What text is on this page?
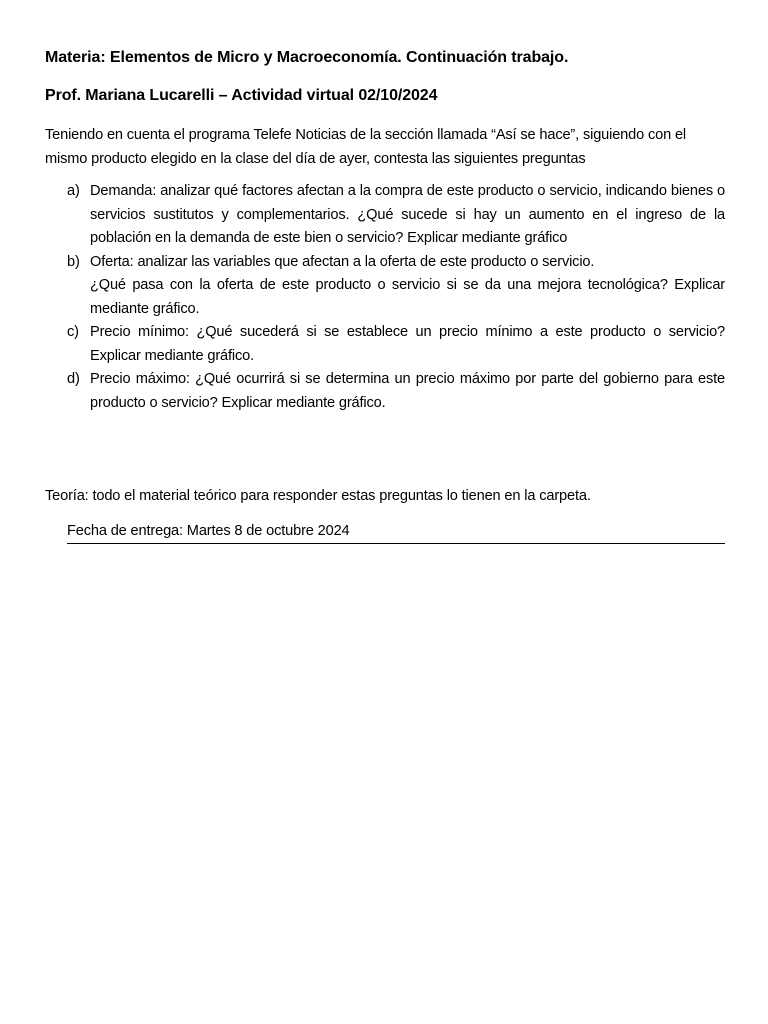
Materia: Elementos de Micro y Macroeconomía. Continuación trabajo.
Prof. Mariana Lucarelli – Actividad virtual 02/10/2024
Teniendo en cuenta el programa Telefe Noticias de la sección llamada “Así se hace”, siguiendo con el mismo producto elegido en la clase del día de ayer, contesta las siguientes preguntas
a) Demanda: analizar qué factores afectan a la compra de este producto o servicio, indicando bienes o servicios sustitutos y complementarios. ¿Qué sucede si hay un aumento en el ingreso de la población en la demanda de este bien o servicio? Explicar mediante gráfico
b) Oferta: analizar las variables que afectan a la oferta de este producto o servicio.
¿Qué pasa con la oferta de este producto o servicio si se da una mejora tecnológica? Explicar mediante gráfico.
c) Precio mínimo: ¿Qué sucederá si se establece un precio mínimo a este producto o servicio? Explicar mediante gráfico.
d) Precio máximo: ¿Qué ocurrirá si se determina un precio máximo por parte del gobierno para este producto o servicio? Explicar mediante gráfico.
Teoría: todo el material teórico para responder estas preguntas lo tienen en la carpeta.
Fecha de entrega: Martes 8 de octubre 2024
